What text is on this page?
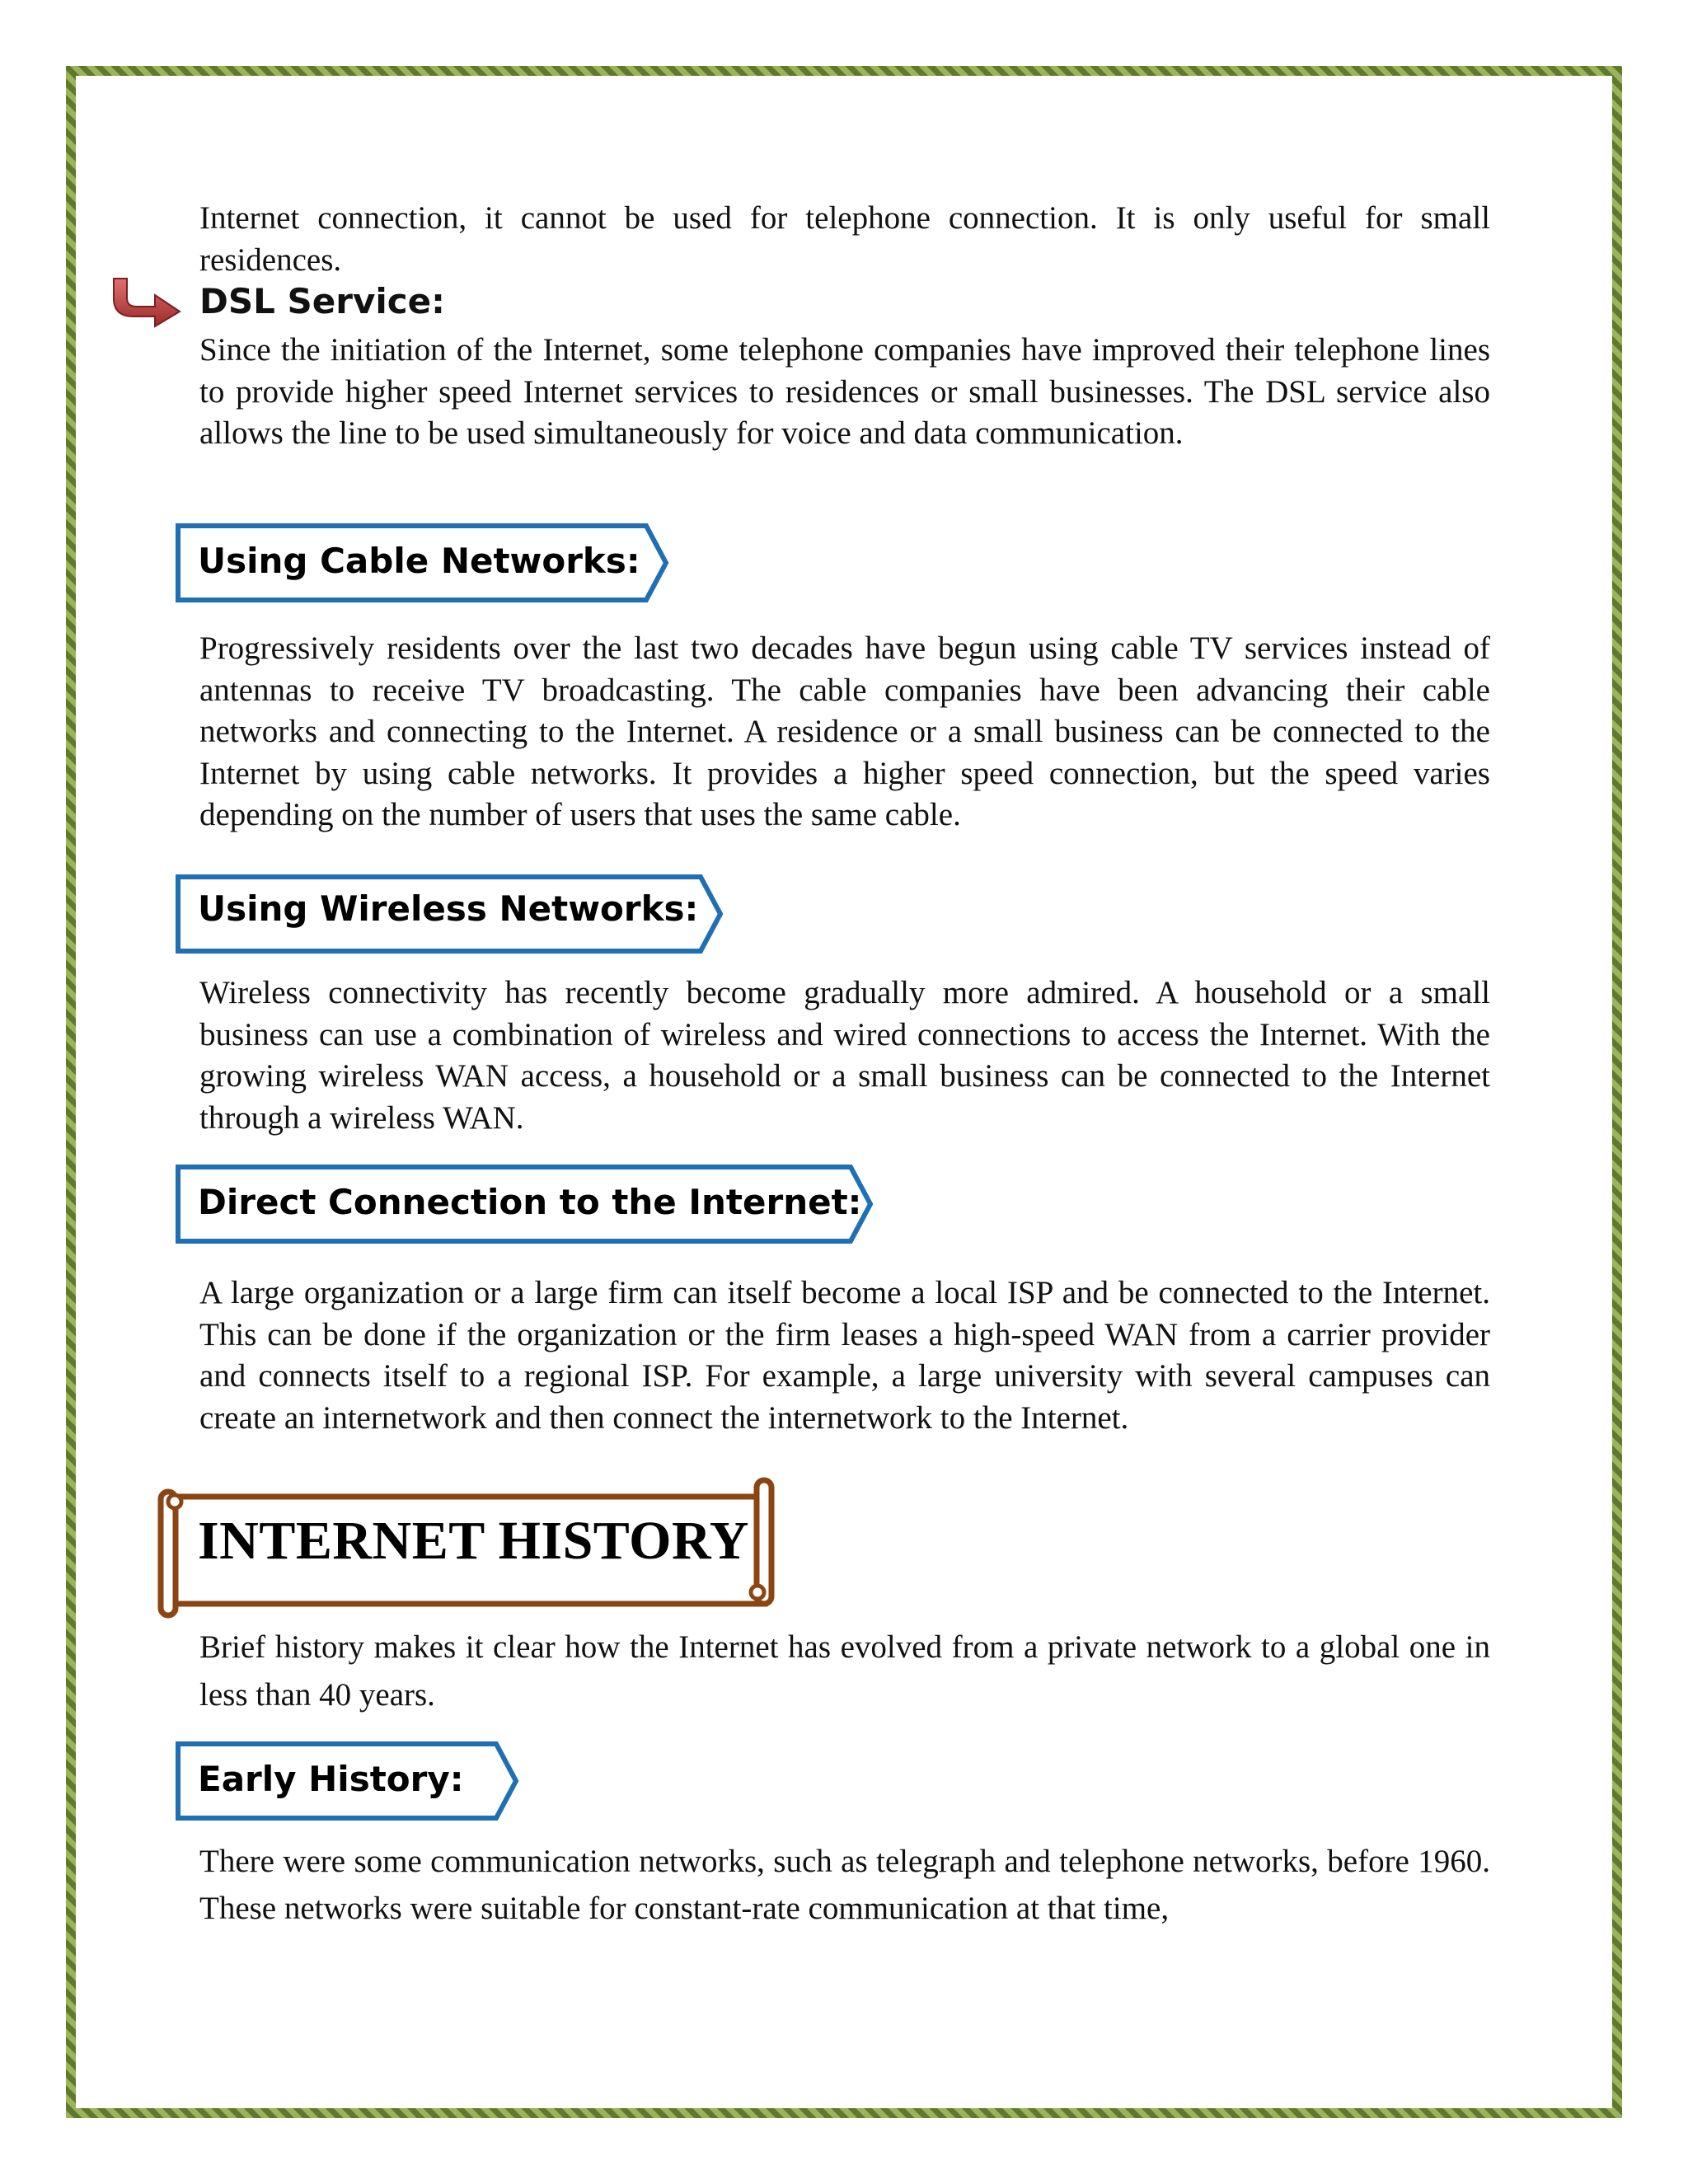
Internet connection, it cannot be used for telephone connection. It is only useful for small residences.

DSL Service:

Since the initiation of the Internet, some telephone companies have improved their telephone lines to provide higher speed Internet services to residences or small businesses. The DSL service also allows the line to be used simultaneously for voice and data communication.

Using Cable Networks:

Progressively residents over the last two decades have begun using cable TV services instead of antennas to receive TV broadcasting. The cable companies have been advancing their cable networks and connecting to the Internet. A residence or a small business can be connected to the Internet by using cable networks. It provides a higher speed connection, but the speed varies depending on the number of users that uses the same cable.

Using Wireless Networks:

Wireless connectivity has recently become gradually more admired. A household or a small business can use a combination of wireless and wired connections to access the Internet. With the growing wireless WAN access, a household or a small business can be connected to the Internet through a wireless WAN.

Direct Connection to the Internet:

A large organization or a large firm can itself become a local ISP and be connected to the Internet. This can be done if the organization or the firm leases a high-speed WAN from a carrier provider and connects itself to a regional ISP. For example, a large university with several campuses can create an internetwork and then connect the internetwork to the Internet.

INTERNET HISTORY

Brief history makes it clear how the Internet has evolved from a private network to a global one in less than 40 years.

Early History:

There were some communication networks, such as telegraph and telephone networks, before 1960. These networks were suitable for constant-rate communication at that time,
